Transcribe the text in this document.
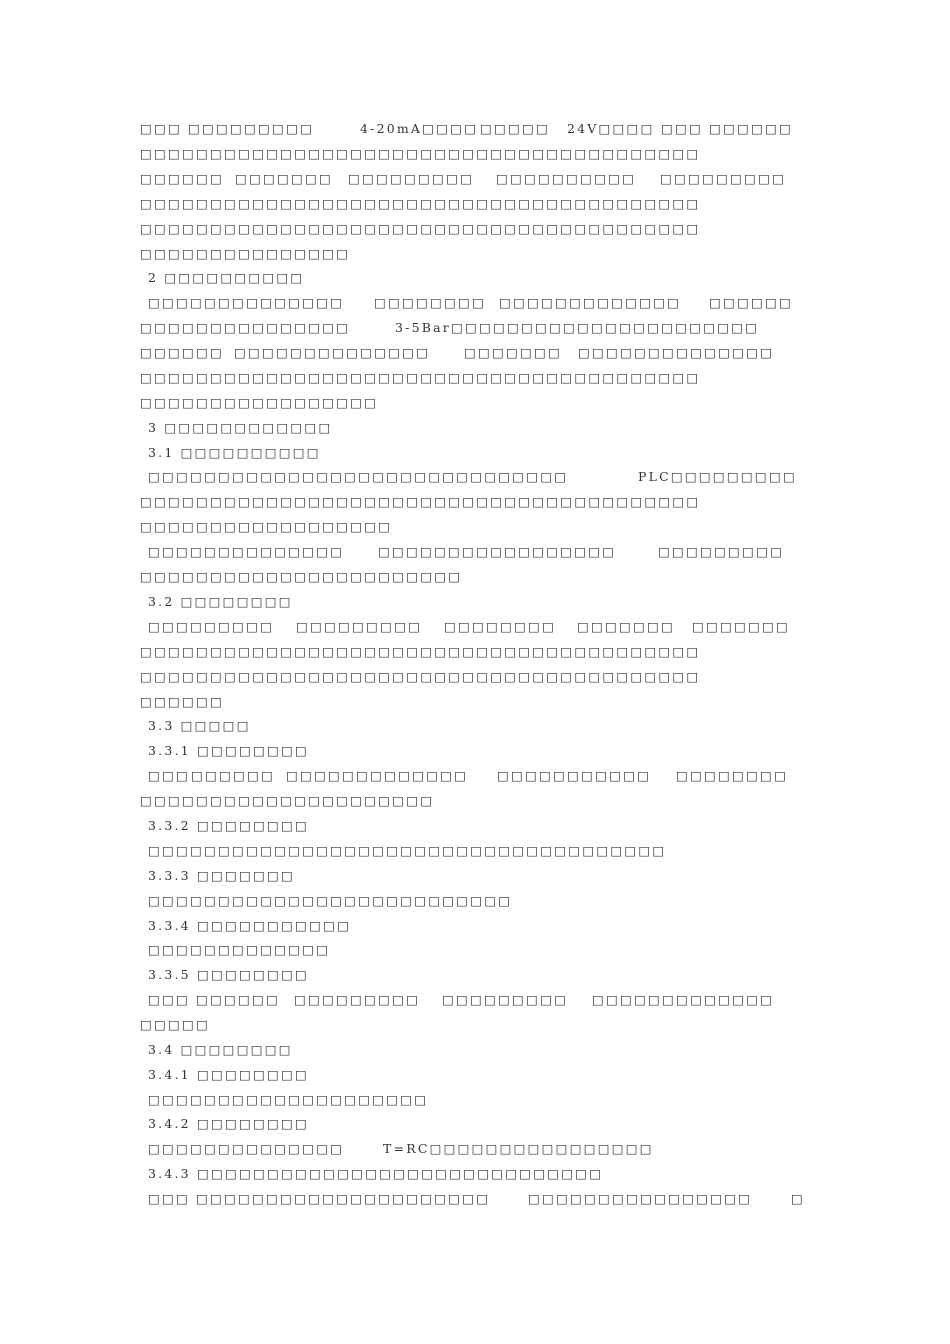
□□□

□□□□□□□□□

	4-20mA□□□□

□□□□□

24V□□□□

□□□

□□□□□□

□□□□□□□□□□□□□□□□□□□□□□□□□□□□□□□□□□□□□□□□

□□□□□□

□□□□□□□

□□□□□□□□□

□□□□□□□□□□

□□□□□□□□□

□□□□□□□□□□□□□□□□□□□□□□□□□□□□□□□□□□□□□□□□
□□□□□□□□□□□□□□□□□□□□□□□□□□□□□□□□□□□□□□□□
□□□□□□□□□□□□□□□
2 □□□□□□□□□□

□□□□□□□□□□□□□□

□□□□□□□□

□□□□□□□□□□□□□

□□□□□□

□□□□□□□□□□□□□□□

	3-5Bar□□□□□□□□□□□□□□□□□□□□□□

□□□□□□

□□□□□□□□□□□□□□

	□□□□□□□

□□□□□□□□□□□□□□

□□□□□□□□□□□□□□□□□□□□□□□□□□□□□□□□□□□□□□□□
□□□□□□□□□□□□□□□□□
3 □□□□□□□□□□□□
3.1 □□□□□□□□□□

□□□□□□□□□□□□□□□□□□□□□□□□□□□□□□

	PLC□□□□□□□□□

□□□□□□□□□□□□□□□□□□□□□□□□□□□□□□□□□□□□□□□□
□□□□□□□□□□□□□□□□□□

□□□□□□□□□□□□□□

	□□□□□□□□□□□□□□□□□

	□□□□□□□□□

□□□□□□□□□□□□□□□□□□□□□□□
3.2 □□□□□□□□

□□□□□□□□□

□□□□□□□□□

□□□□□□□□

□□□□□□□

□□□□□□□

□□□□□□□□□□□□□□□□□□□□□□□□□□□□□□□□□□□□□□□□
□□□□□□□□□□□□□□□□□□□□□□□□□□□□□□□□□□□□□□□□
□□□□□□
3.3 □□□□□
3.3.1 □□□□□□□□

□□□

□□□□□□

□□□□□□□□□□□□□

□□□□□□□□□□□

□□□□□□□□

□□□□□□□□□□□□□□□□□□□□□
3.3.2 □□□□□□□□
□□□□□□□□□□□□□□□□□□□□□□□□□□□□□□□□□□□□□
3.3.3 □□□□□□□
□□□□□□□□□□□□□□□□□□□□□□□□□□
3.3.4 □□□□□□□□□□□
□□□□□□□□□□□□□
3.3.5 □□□□□□□□

□□□

□□□□□□

□□□□□□□□□

□□□□□□□□□

□□□□□□□□□□□□□

□□□□□
3.4 □□□□□□□□
3.4.1 □□□□□□□□
□□□□□□□□□□□□□□□□□□□□
3.4.2 □□□□□□□□

□□□□□□□□□□□□□□

	T=RC□□□□□□□□□□□□□□□□

3.4.3 □□□□□□□□□□□□□□□□□□□□□□□□□□□□□

□□□

□□□□□□□□□□□□□□□□□□□□□

	□□□□□□□□□□□□□□□□

	□
